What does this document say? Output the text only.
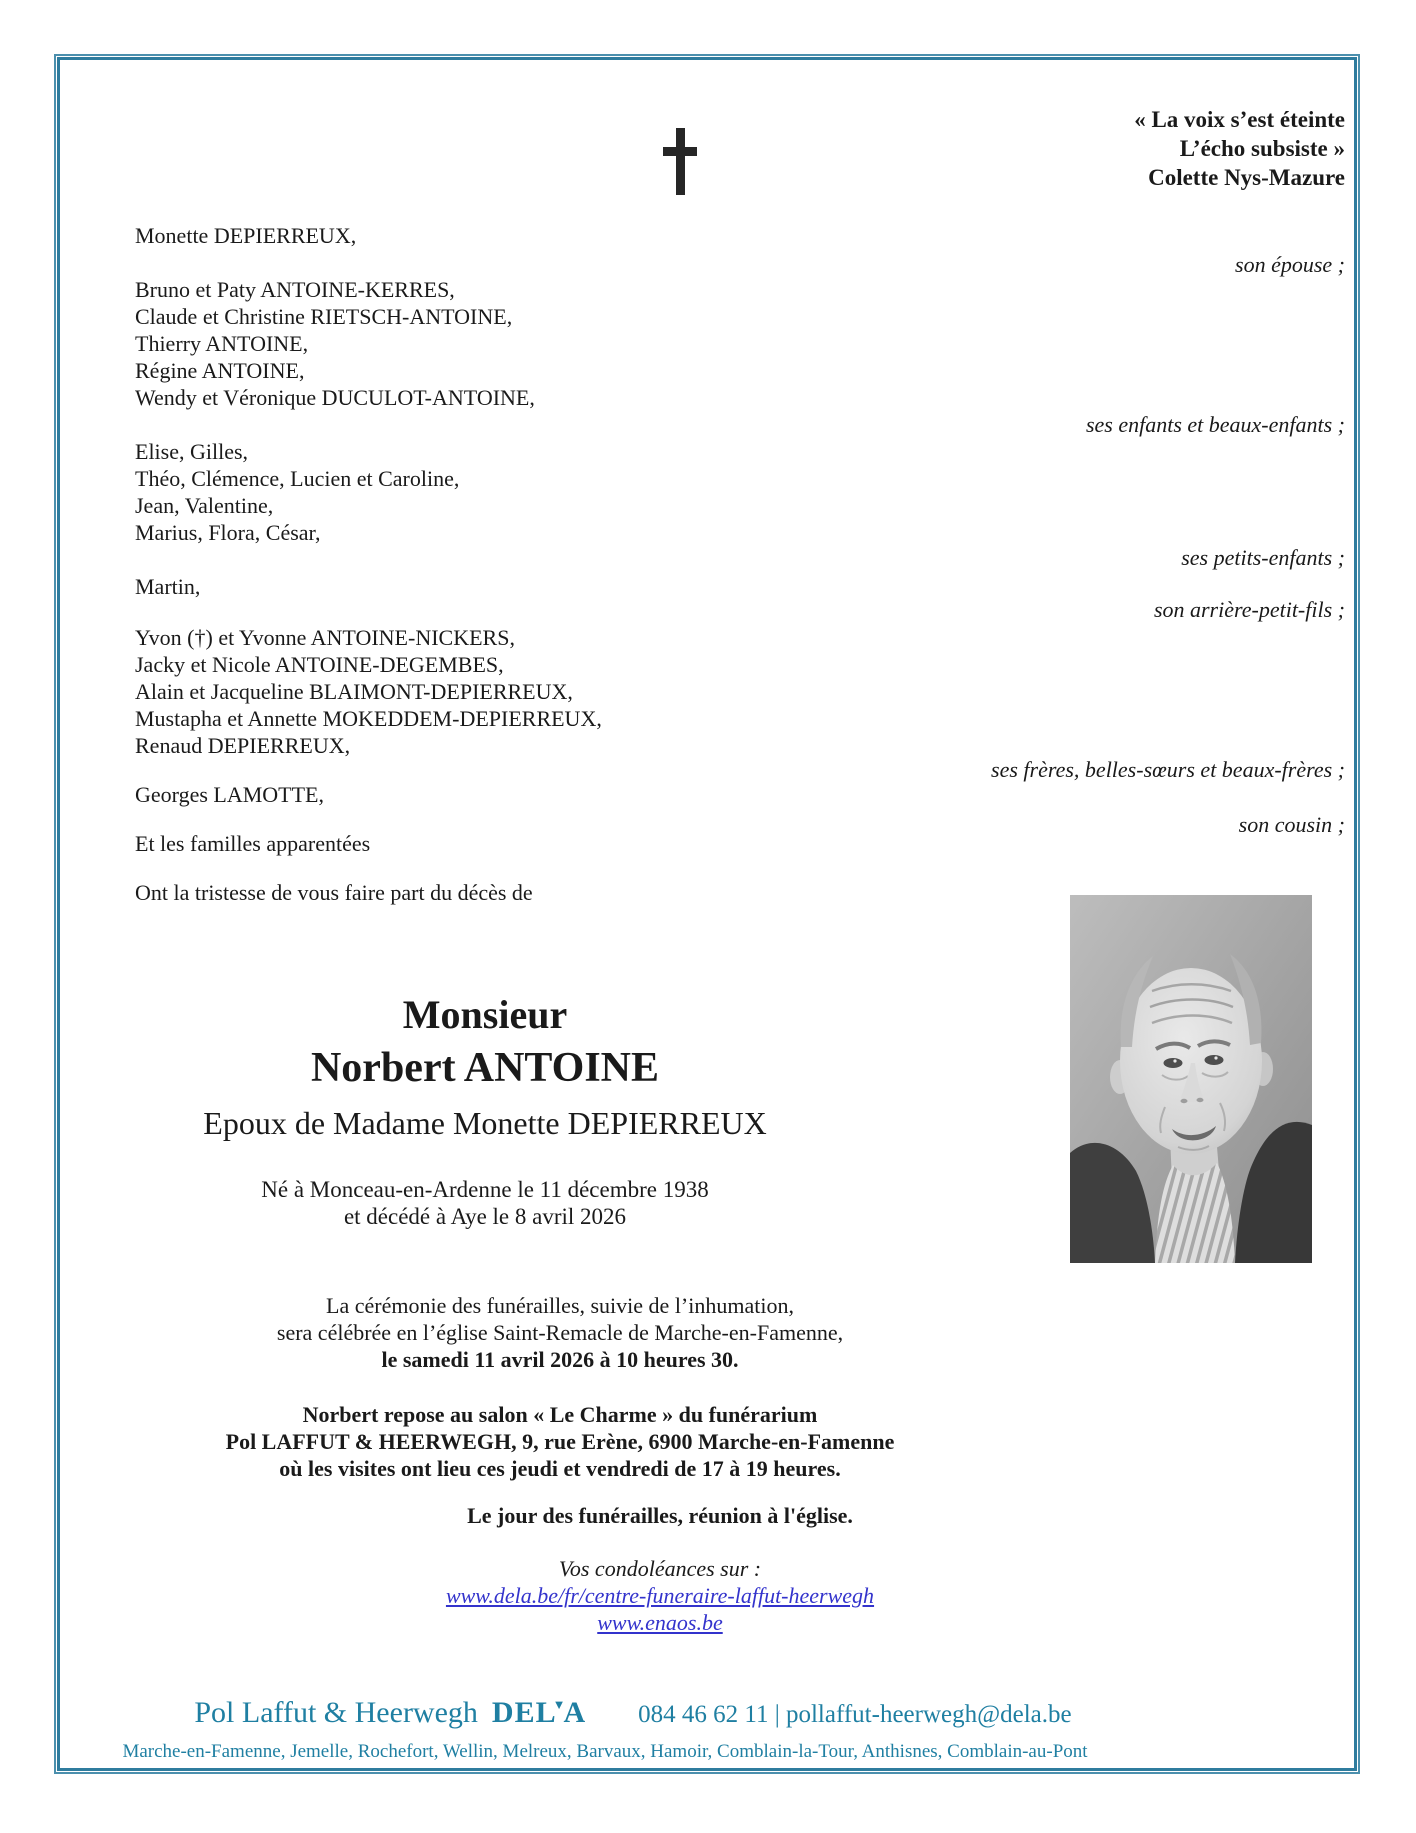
« La voix s’est éteinte
L’écho subsiste »
Colette Nys-Mazure
Monette DEPIERREUX,
Bruno et Paty ANTOINE-KERRES,
Claude et Christine RIETSCH-ANTOINE,
Thierry ANTOINE,
Régine ANTOINE,
Wendy et Véronique DUCULOT-ANTOINE,
Elise, Gilles,
Théo, Clémence, Lucien et Caroline,
Jean, Valentine,
Marius, Flora, César,
Martin,
Yvon (†) et Yvonne ANTOINE-NICKERS,
Jacky et Nicole ANTOINE-DEGEMBES,
Alain et Jacqueline BLAIMONT-DEPIERREUX,
Mustapha et Annette MOKEDDEM-DEPIERREUX,
Renaud DEPIERREUX,
Georges LAMOTTE,
Et les familles apparentées
Ont la tristesse de vous faire part du décès de
son épouse ;
ses enfants et beaux-enfants ;
ses petits-enfants ;
son arrière-petit-fils ;
ses frères, belles-sœurs et beaux-frères ;
son cousin ;
Monsieur
Norbert ANTOINE
Epoux de Madame Monette DEPIERREUX
Né à Monceau-en-Ardenne le 11 décembre 1938
et décédé à Aye le 8 avril 2026
La cérémonie des funérailles, suivie de l’inhumation,
sera célébrée en l’église Saint-Remacle de Marche-en-Famenne,
le samedi 11 avril 2026 à 10 heures 30.
Norbert repose au salon « Le Charme » du funérarium
Pol LAFFUT & HEERWEGH, 9, rue Erène, 6900 Marche-en-Famenne
où les visites ont lieu ces jeudi et vendredi de 17 à 19 heures.
Le jour des funérailles, réunion à l'église.
Vos condoléances sur :
www.dela.be/fr/centre-funeraire-laffut-heerwegh
www.enaos.be
Pol Laffut & Heerwegh DEL▼A 084 46 62 11 | pollaffut-heerwegh@dela.be
Marche-en-Famenne, Jemelle, Rochefort, Wellin, Melreux, Barvaux, Hamoir, Comblain-la-Tour, Anthisnes, Comblain-au-Pont
